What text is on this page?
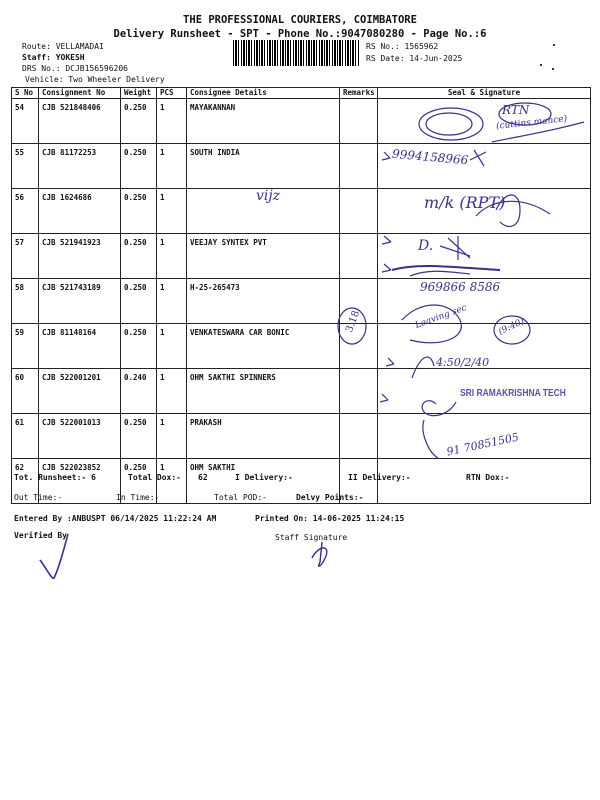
THE PROFESSIONAL COURIERS, COIMBATORE
Delivery Runsheet - SPT - Phone No.:9047080280 - Page No.:6
Route: VELLAMADAI
Staff: YOKESH
DRS No.: DCJB156596206
Vehicle: Two Wheeler Delivery
RS No.: 1565962
RS Date: 14-Jun-2025
S No	Consignment No	Weight	PCS	Consignee Details	Remarks	Seal & Signature
54	CJB 521848406	0.250	1	MAYAKANNAN		
55	CJB 81172253	0.250	1	SOUTH INDIA		
56	CJB 1624686	0.250	1			
57	CJB 521941923	0.250	1	VEEJAY SYNTEX PVT		
58	CJB 521743189	0.250	1	H-25-265473		
59	CJB 81148164	0.250	1	VENKATESWARA CAR BONIC		
60	CJB 522001201	0.240	1	OHM SAKTHI SPINNERS		
61	CJB 522001013	0.250	1	PRAKASH		
62	CJB 522023852	0.250	1	OHM SAKTHI		
RTN
(cuttins mance)
9994158966
vijz	m/k (RPT)
D.
969866 8586
3.18	Leaving sec	(9:40)
4:50/2/40
SRI RAMAKRISHNA TECH
91 70851505
Tot. Runsheet:- 6	Total Dox:- 62	I Delivery:-	II Delivery:-	RTN Dox:-
Out Time:-	In Time:-	Total POD:-	Delvy Points:-
Entered By :ANBUSPT 06/14/2025 11:22:24 AM	Printed On: 14-06-2025 11:24:15
Verified By	Staff Signature
